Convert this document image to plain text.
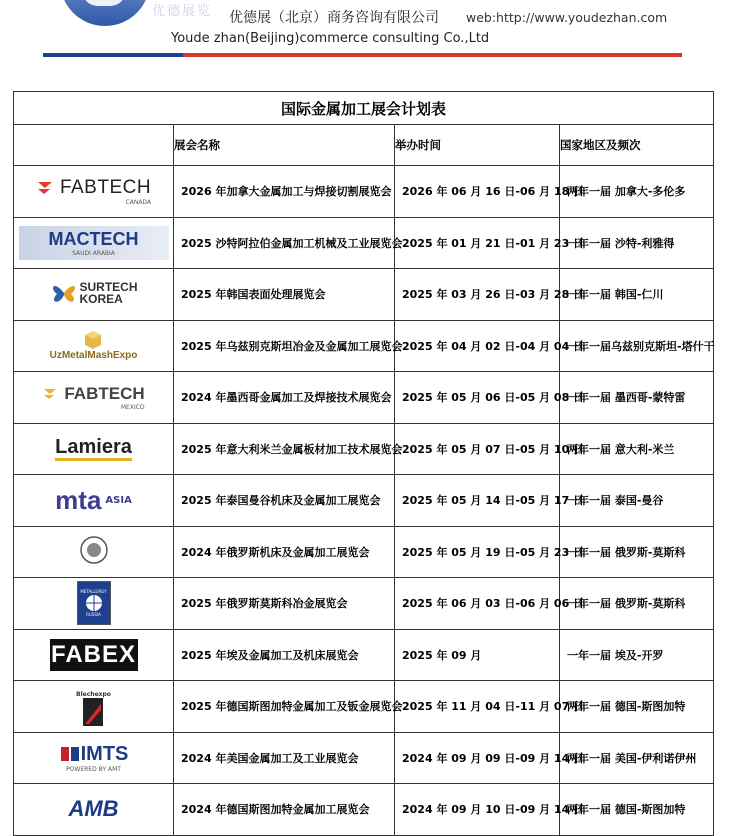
优德展览 优德展（北京）商务咨询有限公司 web:http://www.youdezhan.com
Youde zhan(Beijing)commerce consulting Co.,Ltd
国际金属加工展会计划表			
	展会名称	举办时间	国家地区及频次

FABTECH
CANADA	2026 年加拿大金属加工与焊接切割展览会	2026 年 06 月 16 日-06 月 18 日	两年一届 加拿大-多伦多

MACTECH
SAUDI ARABIA	2025 沙特阿拉伯金属加工机械及工业展览会	2025 年 01 月 21 日-01 月 23 日	一年一届 沙特-利雅得

SURTECH
KOREA	2025 年韩国表面处理展览会	2025 年 03 月 26 日-03 月 28 日	一年一届 韩国-仁川

UzMetalMashExpo	2025 年乌兹别克斯坦冶金及金属加工展览会	2025 年 04 月 02 日-04 月 04 日	一年一届乌兹别克斯坦-塔什干

FABTECH
MEXICO	2024 年墨西哥金属加工及焊接技术展览会	2025 年 05 月 06 日-05 月 08 日	一年一届 墨西哥-蒙特雷

Lamiera	2025 年意大利米兰金属板材加工技术展览会	2025 年 05 月 07 日-05 月 10 日	两年一届 意大利-米兰

mta ASIA	2025 年泰国曼谷机床及金属加工展览会	2025 年 05 月 14 日-05 月 17 日	一年一届 泰国-曼谷

	2024 年俄罗斯机床及金属加工展览会	2025 年 05 月 19 日-05 月 23 日	一年一届 俄罗斯-莫斯科

METALLURGY
RUSSIA	2025 年俄罗斯莫斯科冶金展览会	2025 年 06 月 03 日-06 月 06 日	一年一届 俄罗斯-莫斯科

FABEX	2025 年埃及金属加工及机床展览会	2025 年 09 月	一年一届 埃及-开罗

Blechexpo	2025 年德国斯图加特金属加工及钣金展览会	2025 年 11 月 04 日-11 月 07 日	两年一届 德国-斯图加特

IMTS
POWERED BY AMT	2024 年美国金属加工及工业展览会	2024 年 09 月 09 日-09 月 14 日	两年一届 美国-伊利诺伊州

AMB	2024 年德国斯图加特金属加工展览会	2024 年 09 月 10 日-09 月 14 日	两年一届 德国-斯图加特
